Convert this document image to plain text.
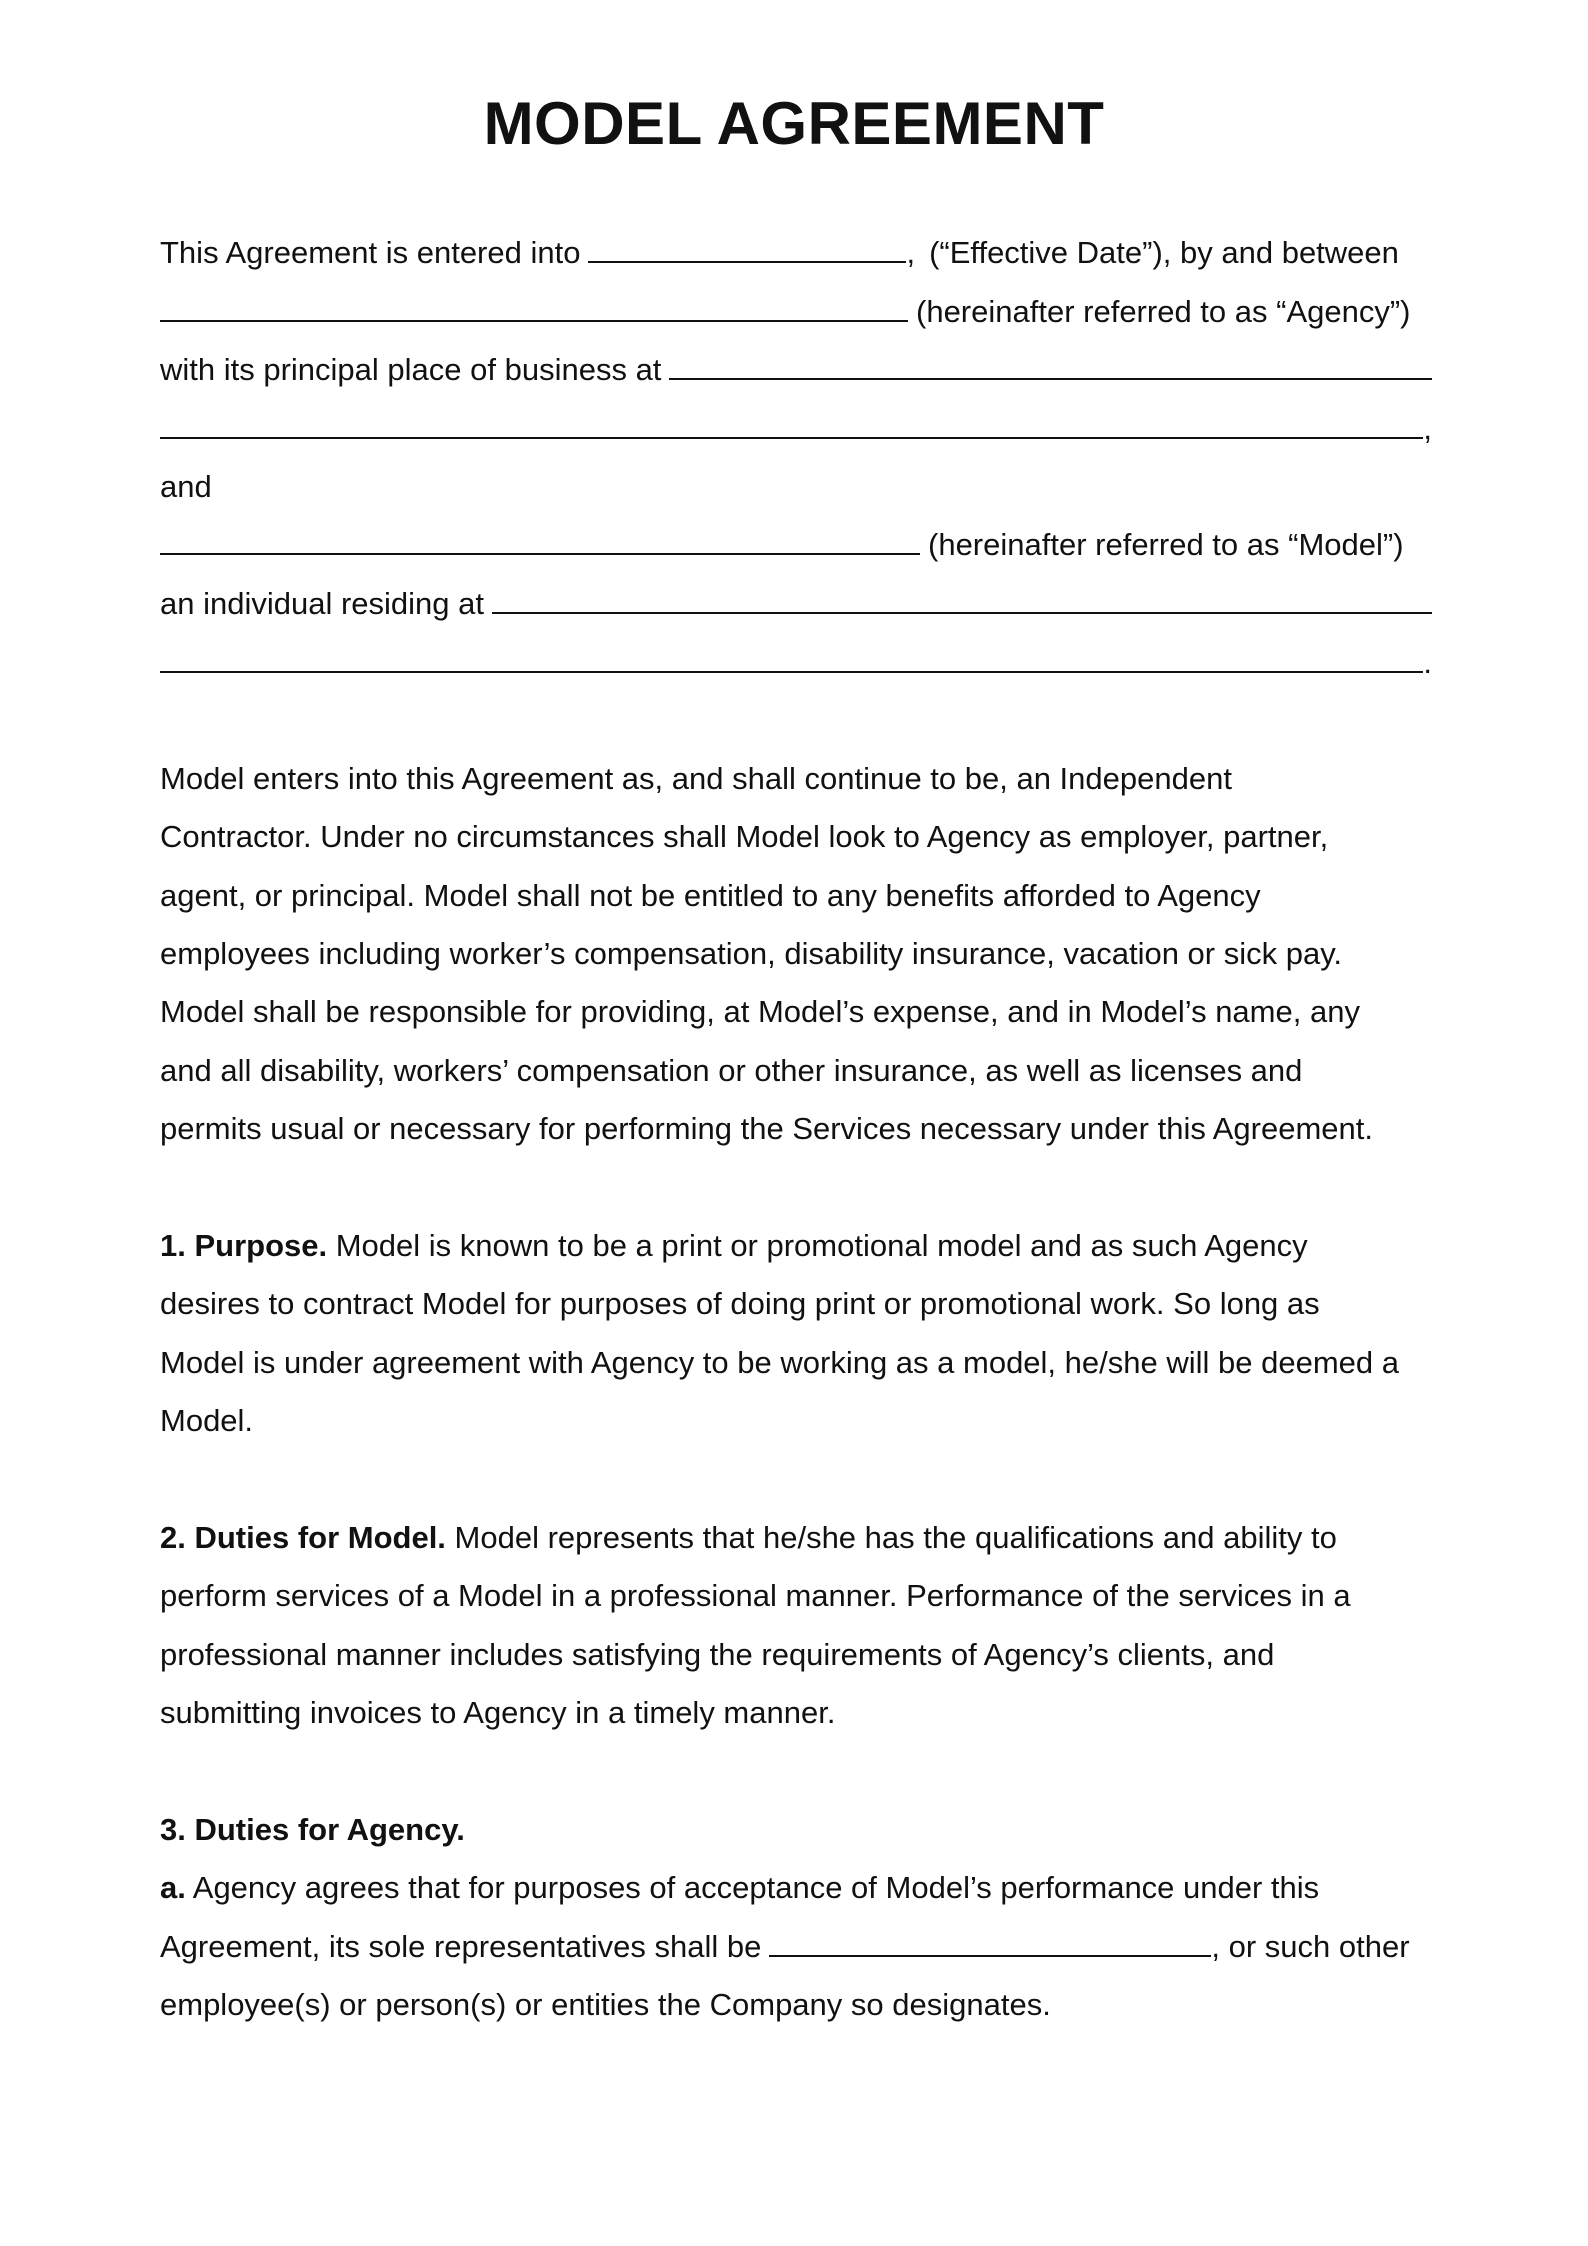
MODEL AGREEMENT
This Agreement is entered into	, (“Effective Date”), by and between
(hereinafter referred to as “Agency”)
with its principal place of business at
,
and
(hereinafter referred to as “Model”)
an individual residing at
.
Model enters into this Agreement as, and shall continue to be, an Independent
Contractor. Under no circumstances shall Model look to Agency as employer, partner,
agent, or principal. Model shall not be entitled to any benefits afforded to Agency
employees including worker’s compensation, disability insurance, vacation or sick pay.
Model shall be responsible for providing, at Model’s expense, and in Model’s name, any
and all disability, workers’ compensation or other insurance, as well as licenses and
permits usual or necessary for performing the Services necessary under this Agreement.
1. Purpose. Model is known to be a print or promotional model and as such Agency
desires to contract Model for purposes of doing print or promotional work. So long as
Model is under agreement with Agency to be working as a model, he/she will be deemed a
Model.
2. Duties for Model. Model represents that he/she has the qualifications and ability to
perform services of a Model in a professional manner. Performance of the services in a
professional manner includes satisfying the requirements of Agency’s clients, and
submitting invoices to Agency in a timely manner.
3. Duties for Agency.
a. Agency agrees that for purposes of acceptance of Model’s performance under this
Agreement, its sole representatives shall be	, or such other
employee(s) or person(s) or entities the Company so designates.
